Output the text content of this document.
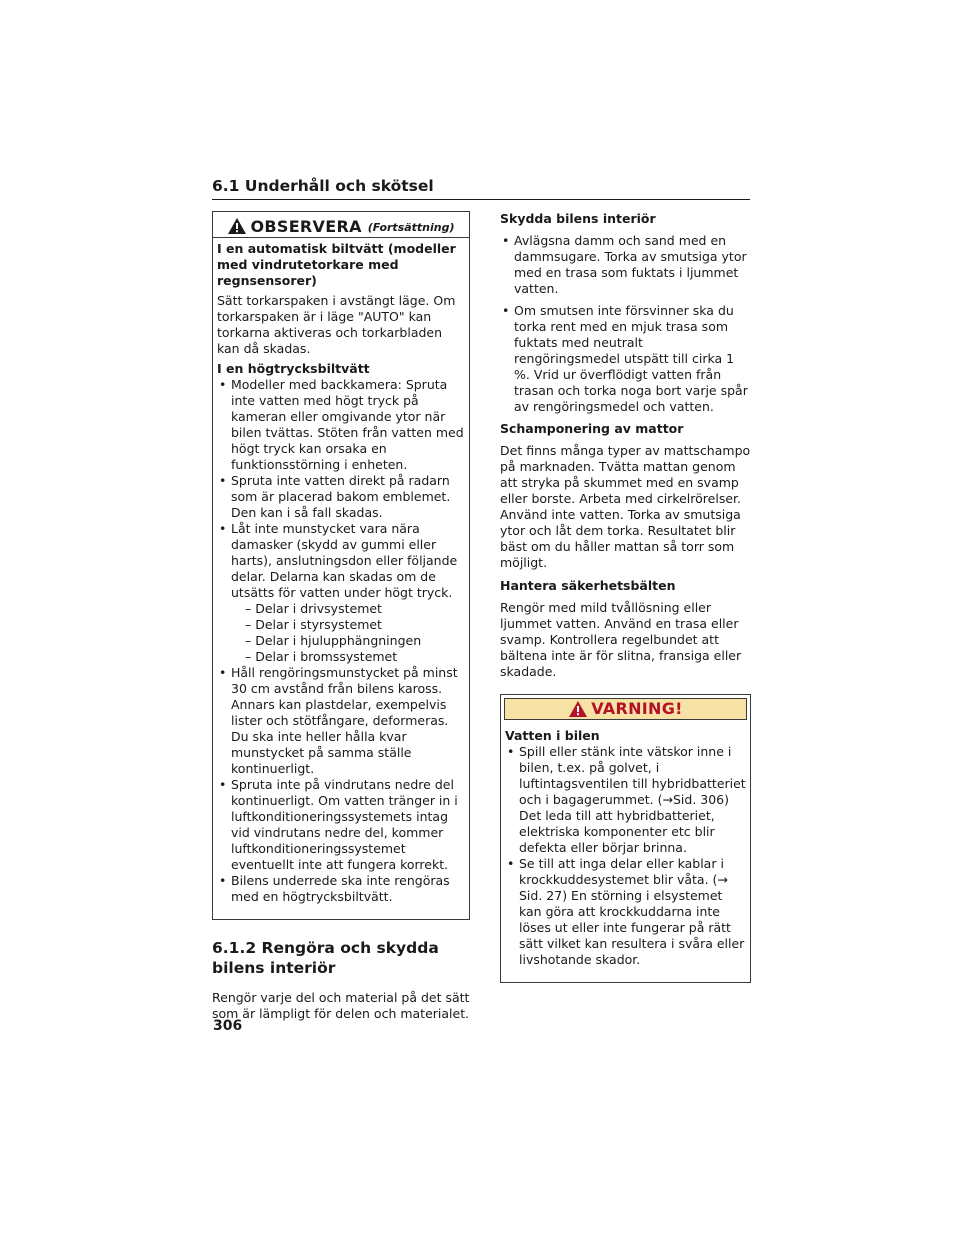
6.1 Underhåll och skötsel
OBSERVERA (Fortsättning)

I en automatisk biltvätt (modeller med vindrutetorkare med regnsensorer)

Sätt torkarspaken i avstängt läge. Om torkarspaken är i läge "AUTO" kan torkarna aktiveras och torkarbladen kan då skadas.

I en högtrycksbiltvätt

• Modeller med backkamera: Spruta inte vatten med högt tryck på kameran eller omgivande ytor när bilen tvättas. Stöten från vatten med högt tryck kan orsaka en funktionsstörning i enheten.
• Spruta inte vatten direkt på radarn som är placerad bakom emblemet. Den kan i så fall skadas.
• Låt inte munstycket vara nära damasker (skydd av gummi eller harts), anslutningsdon eller följande delar. Delarna kan skadas om de utsätts för vatten under högt tryck.
– Delar i drivsystemet
– Delar i styrsystemet
– Delar i hjulupphängningen
– Delar i bromssystemet
• Håll rengöringsmunstycket på minst 30 cm avstånd från bilens kaross. Annars kan plastdelar, exempelvis lister och stötfångare, deformeras. Du ska inte heller hålla kvar munstycket på samma ställe kontinuerligt.
• Spruta inte på vindrutans nedre del kontinuerligt. Om vatten tränger in i luftkonditioneringssystemets intag vid vindrutans nedre del, kommer luftkonditioneringssystemet eventuellt inte att fungera korrekt.
• Bilens underrede ska inte rengöras med en högtrycksbiltvätt.
6.1.2 Rengöra och skydda bilens interiör

Rengör varje del och material på det sätt som är lämpligt för delen och materialet.

Skydda bilens interiör

• Avlägsna damm och sand med en dammsugare. Torka av smutsiga ytor med en trasa som fuktats i ljummet vatten.
• Om smutsen inte försvinner ska du torka rent med en mjuk trasa som fuktats med neutralt rengöringsmedel utspätt till cirka 1 %. Vrid ur överflödigt vatten från trasan och torka noga bort varje spår av rengöringsmedel och vatten.

Schamponering av mattor

Det finns många typer av mattschampo på marknaden. Tvätta mattan genom att stryka på skummet med en svamp eller borste. Arbeta med cirkelrörelser. Använd inte vatten. Torka av smutsiga ytor och låt dem torka. Resultatet blir bäst om du håller mattan så torr som möjligt.

Hantera säkerhetsbälten

Rengör med mild tvållösning eller ljummet vatten. Använd en trasa eller svamp. Kontrollera regelbundet att bältena inte är för slitna, fransiga eller skadade.

VARNING!

Vatten i bilen

• Spill eller stänk inte vätskor inne i bilen, t.ex. på golvet, i luftintagsventilen till hybridbatteriet och i bagagerummet. (→Sid. 306)
Det leda till att hybridbatteriet, elektriska komponenter etc blir defekta eller börjar brinna.
• Se till att inga delar eller kablar i krockkuddesystemet blir våta. (→ Sid. 27) En störning i elsystemet kan göra att krockkuddarna inte löses ut eller inte fungerar på rätt sätt vilket kan resultera i svåra eller livshotande skador.
306
